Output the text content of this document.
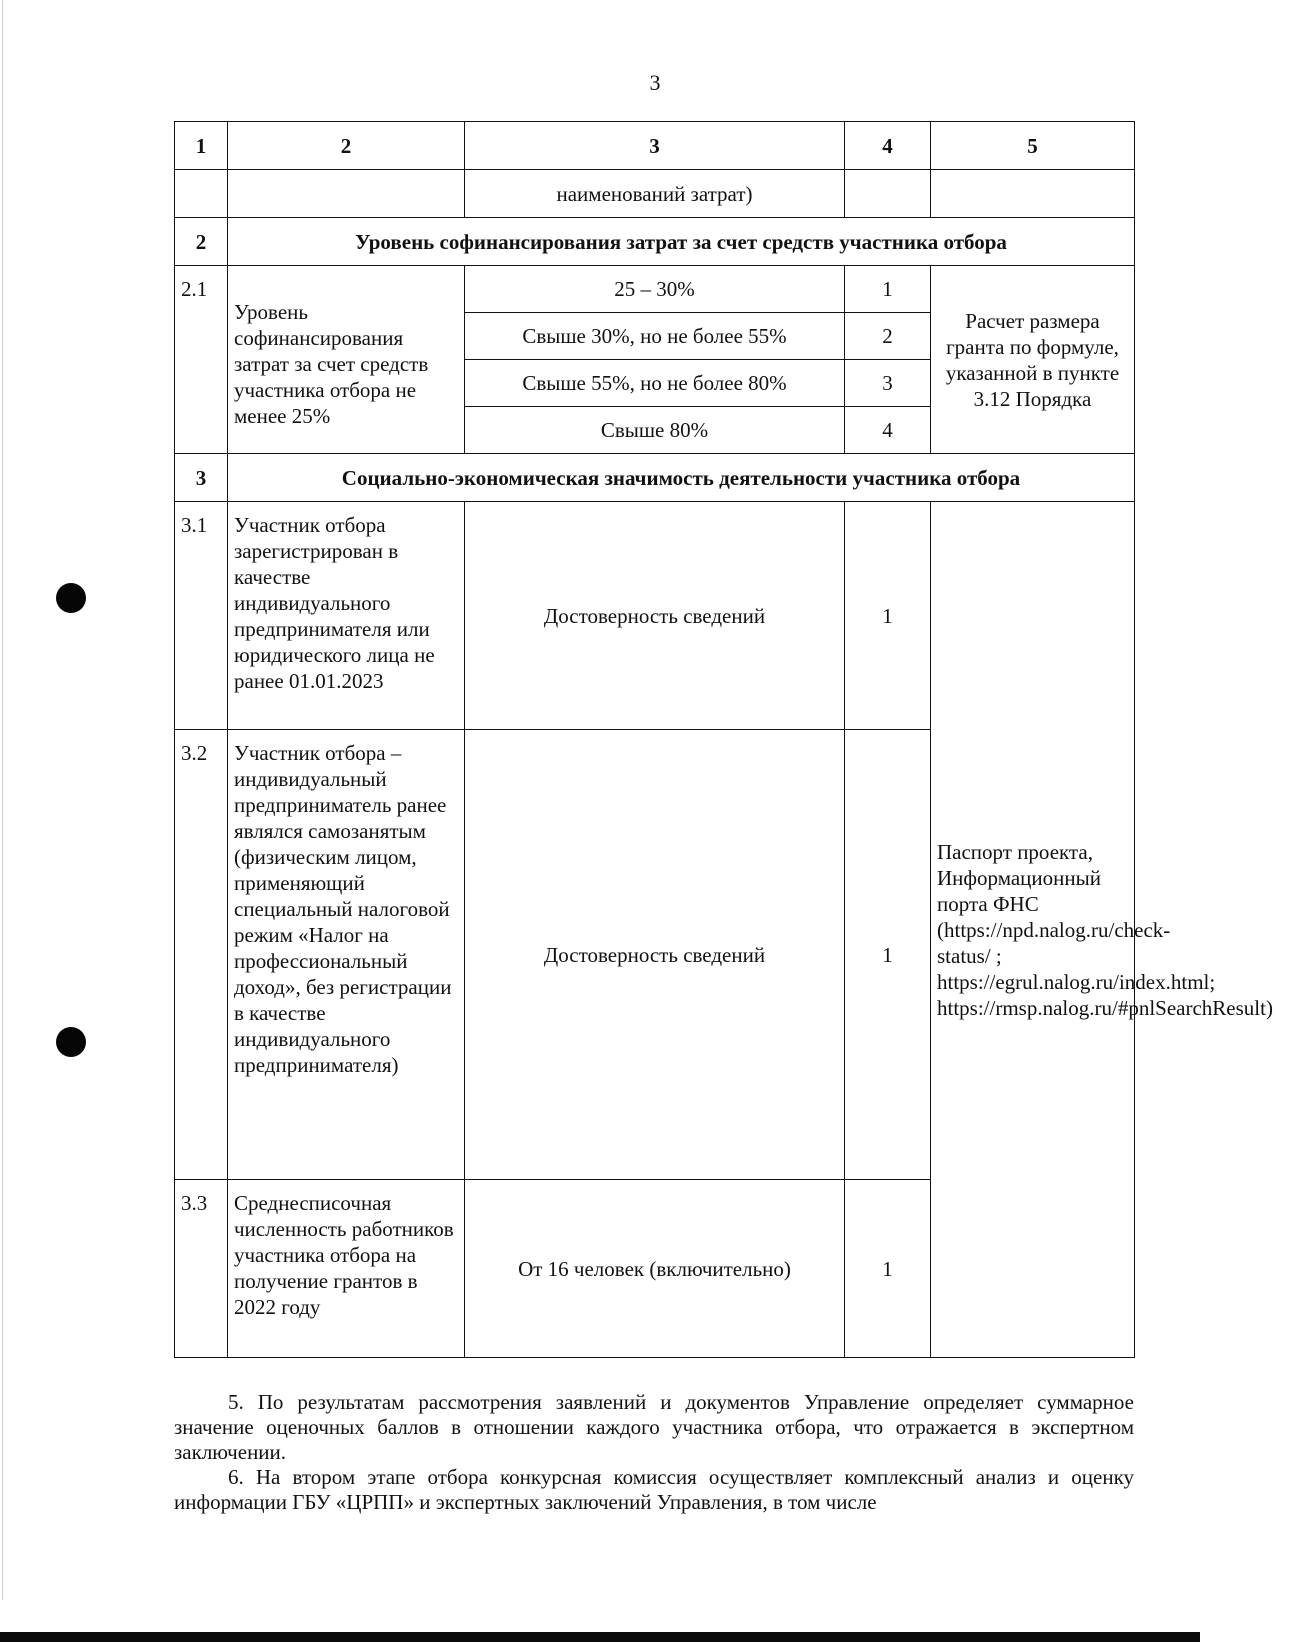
3
1	2	3	4	5
		наименований затрат)		
2	Уровень софинансирования затрат за счет средств участника отбора			
2.1	Уровень софинансирования затрат за счет средств участника отбора не менее 25%	25 – 30%	1	Расчет размера гранта по формуле, указанной в пункте 3.12 Порядка
		Свыше 30%, но не более 55%	2	
		Свыше 55%, но не более 80%	3	
		Свыше 80%	4	
3	Социально-экономическая значимость деятельности участника отбора			
3.1	Участник отбора зарегистрирован в качестве индивидуального предпринимателя или юридического лица не ранее 01.01.2023	Достоверность сведений	1	Паспорт проекта, Информационный порта ФНС (https://npd.nalog.ru/check-status/ ; https://egrul.nalog.ru/index.html; https://rmsp.nalog.ru/#pnlSearchResult)
3.2	Участник отбора – индивидуальный предприниматель ранее являлся самозанятым (физическим лицом, применяющий специальный налоговой режим «Налог на профессиональный доход», без регистрации в качестве индивидуального предпринимателя)	Достоверность сведений	1	
3.3	Среднесписочная численность работников участника отбора на получение грантов в 2022 году	От 16 человек (включительно)	1	

5. По результатам рассмотрения заявлений и документов Управление определяет суммарное значение оценочных баллов в отношении каждого участника отбора, что отражается в экспертном заключении.

6. На втором этапе отбора конкурсная комиссия осуществляет комплексный анализ и оценку информации ГБУ «ЦРПП» и экспертных заключений Управления, в том числе
